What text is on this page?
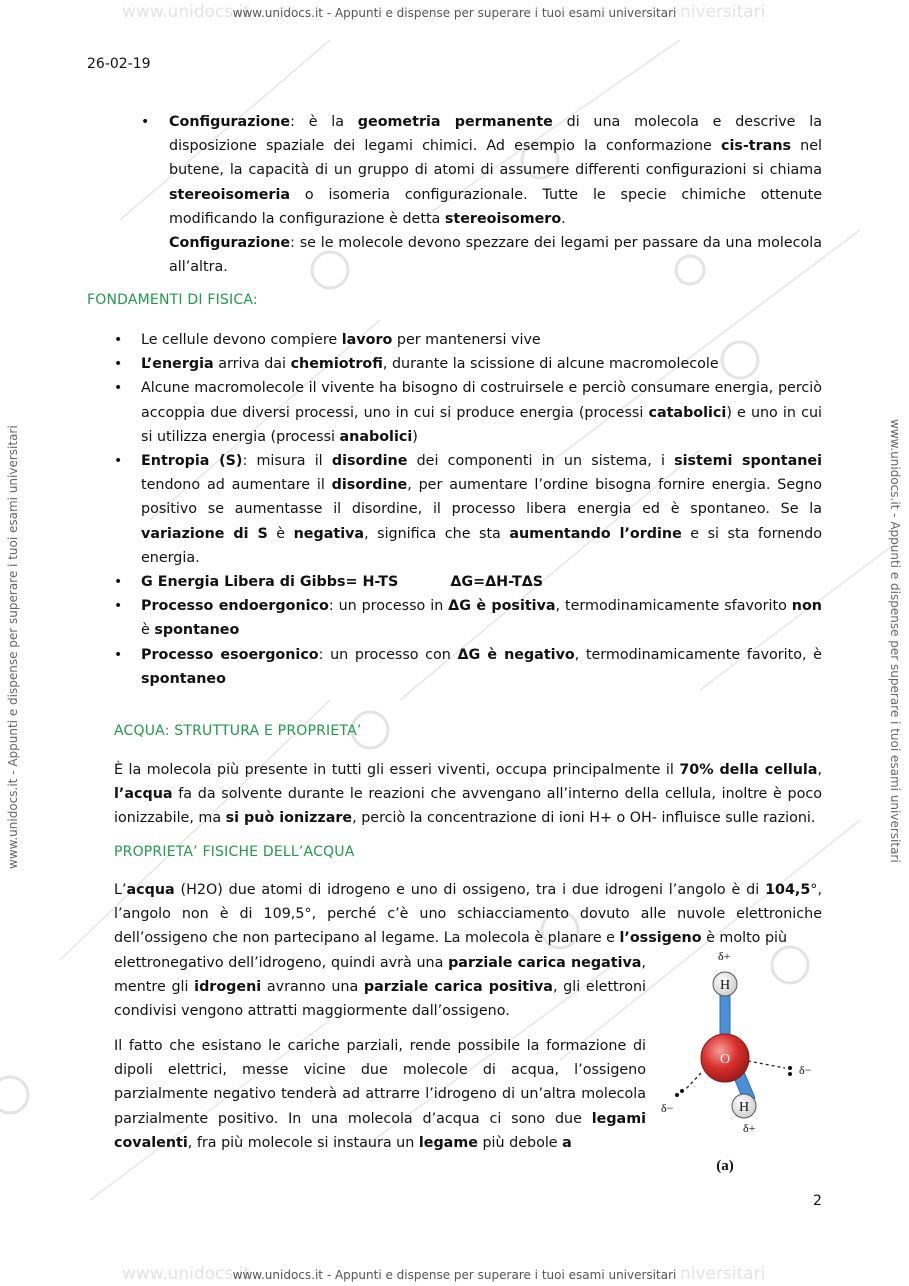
www.unidocs.it	niversitari
www.unidocs.it	niversitari
www.unidocs.it - Appunti e dispense per superare i tuoi esami universitari
www.unidocs.it - Appunti e dispense per superare i tuoi esami universitari
www.unidocs.it - Appunti e dispense per superare i tuoi esami universitari	www.unidocs.it - Appunti e dispense per superare i tuoi esami universitari
26-02-19
• Configurazione: è la geometria permanente di una molecola e descrive la disposizione spaziale dei legami chimici. Ad esempio la conformazione cis-trans nel butene, la capacità di un gruppo di atomi di assumere differenti configurazioni si chiama stereoisomeria o isomeria configurazionale. Tutte le specie chimiche ottenute modificando la configurazione è detta stereoisomero.
Configurazione: se le molecole devono spezzare dei legami per passare da una molecola all’altra.
FONDAMENTI DI FISICA:
• Le cellule devono compiere lavoro per mantenersi vive
• L’energia arriva dai chemiotrofi, durante la scissione di alcune macromolecole
• Alcune macromolecole il vivente ha bisogno di costruirsele e perciò consumare energia, perciò accoppia due diversi processi, uno in cui si produce energia (processi catabolici) e uno in cui si utilizza energia (processi anabolici)
• Entropia (S): misura il disordine dei componenti in un sistema, i sistemi spontanei tendono ad aumentare il disordine, per aumentare l’ordine bisogna fornire energia. Segno positivo se aumentasse il disordine, il processo libera energia ed è spontaneo. Se la variazione di S è negativa, significa che sta aumentando l’ordine e si sta fornendo energia.
• G Energia Libera di Gibbs= H-TS	ΔG=ΔH-TΔS
• Processo endoergonico: un processo in ΔG è positiva, termodinamicamente sfavorito non è spontaneo
• Processo esoergonico: un processo con ΔG è negativo, termodinamicamente favorito, è spontaneo
ACQUA: STRUTTURA E PROPRIETA’
È la molecola più presente in tutti gli esseri viventi, occupa principalmente il 70% della cellula, l’acqua fa da solvente durante le reazioni che avvengano all’interno della cellula, inoltre è poco ionizzabile, ma si può ionizzare, perciò la concentrazione di ioni H+ o OH- influisce sulle razioni.
PROPRIETA’ FISICHE DELL’ACQUA
L’acqua (H2O) due atomi di idrogeno e uno di ossigeno, tra i due idrogeni l’angolo è di 104,5°, l’angolo non è di 109,5°, perché c’è uno schiacciamento dovuto alle nuvole elettroniche dell’ossigeno che non partecipano al legame. La molecola è planare e l’ossigeno è molto più
elettronegativo dell’idrogeno, quindi avrà una parziale carica negativa, mentre gli idrogeni avranno una parziale carica positiva, gli elettroni condivisi vengono attratti maggiormente dall’ossigeno.
Il fatto che esistano le cariche parziali, rende possibile la formazione di dipoli elettrici, messe vicine due molecole di acqua, l’ossigeno parzialmente negativo tenderà ad attrarre l’idrogeno di un’altra molecola parzialmente positivo. In una molecola d’acqua ci sono due legami covalenti, fra più molecole si instaura un legame più debole a
H
O
H
δ+
δ−
δ−
δ+
(a)
2
